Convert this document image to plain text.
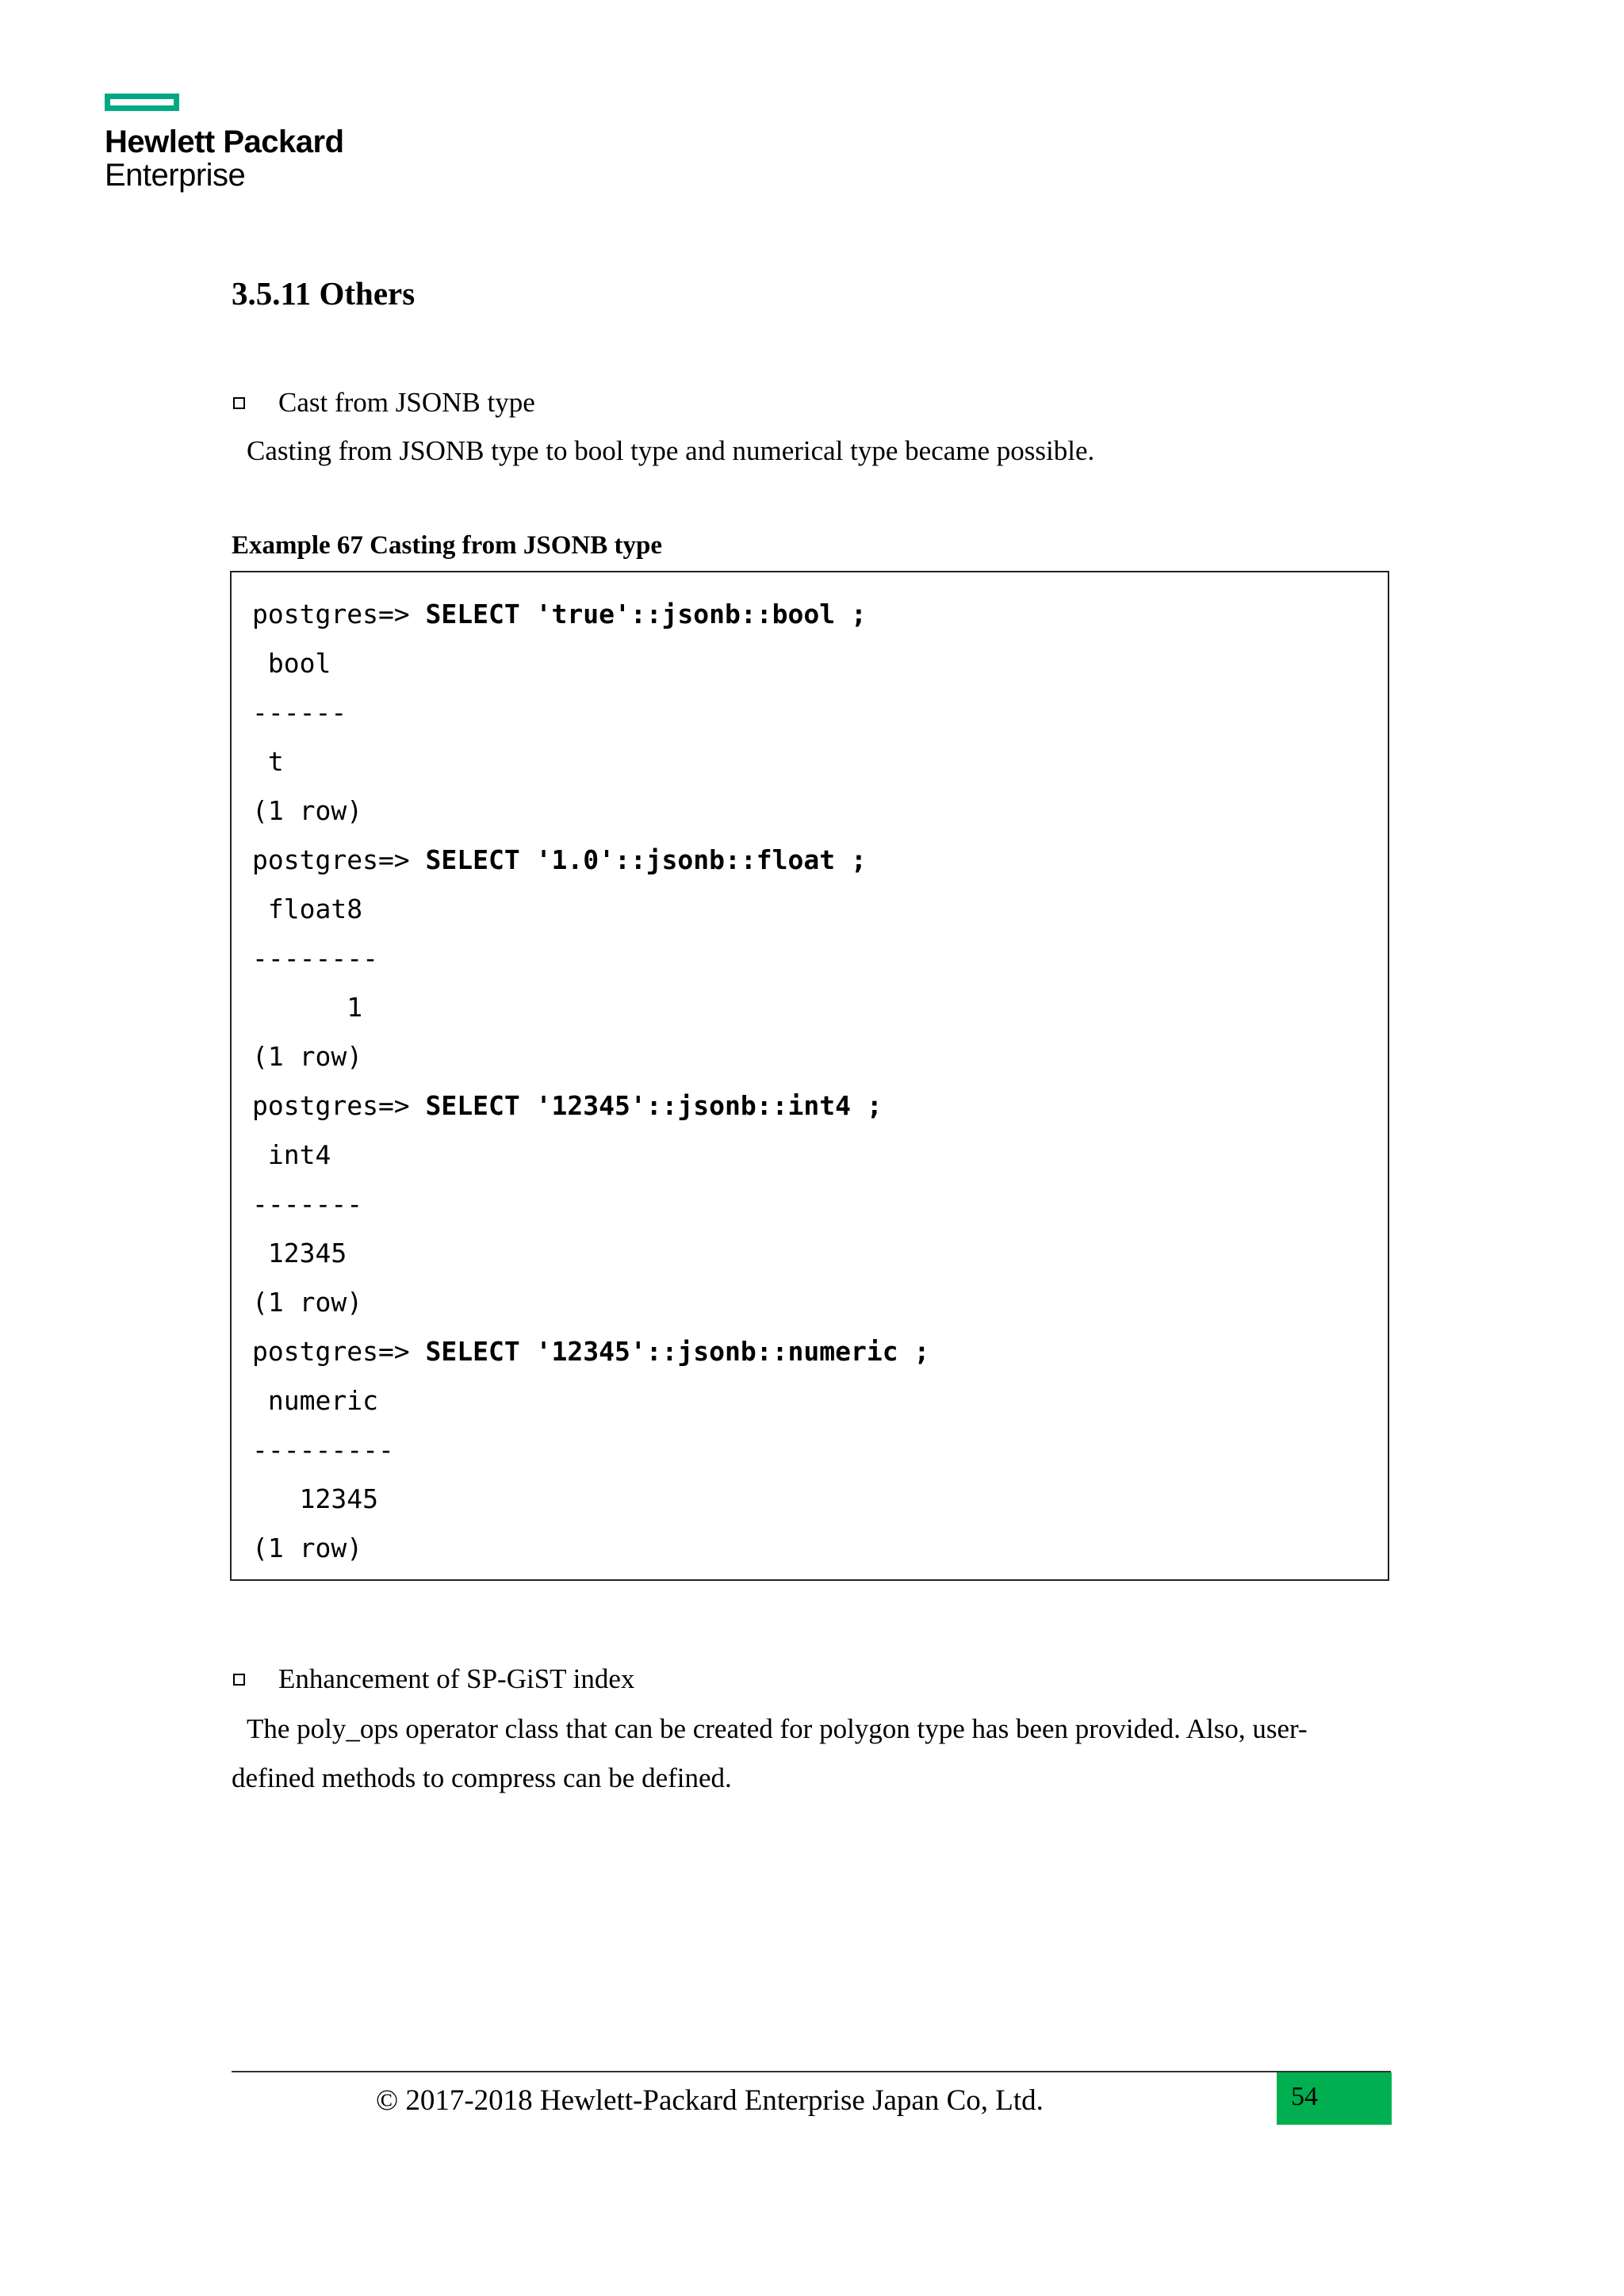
Hewlett Packard
Enterprise
3.5.11 Others
Cast from JSONB type
Casting from JSONB type to bool type and numerical type became possible.
Example 67 Casting from JSONB type
postgres=> SELECT 'true'::jsonb::bool ;
bool
------
t
(1 row)
postgres=> SELECT '1.0'::jsonb::float ;
float8
--------
1
(1 row)
postgres=> SELECT '12345'::jsonb::int4 ;
int4
-------
12345
(1 row)
postgres=> SELECT '12345'::jsonb::numeric ;
numeric
---------
12345
(1 row)
Enhancement of SP-GiST index
The poly_ops operator class that can be created for polygon type has been provided. Also, user-
defined methods to compress can be defined.
© 2017-2018 Hewlett-Packard Enterprise Japan Co, Ltd.	54
